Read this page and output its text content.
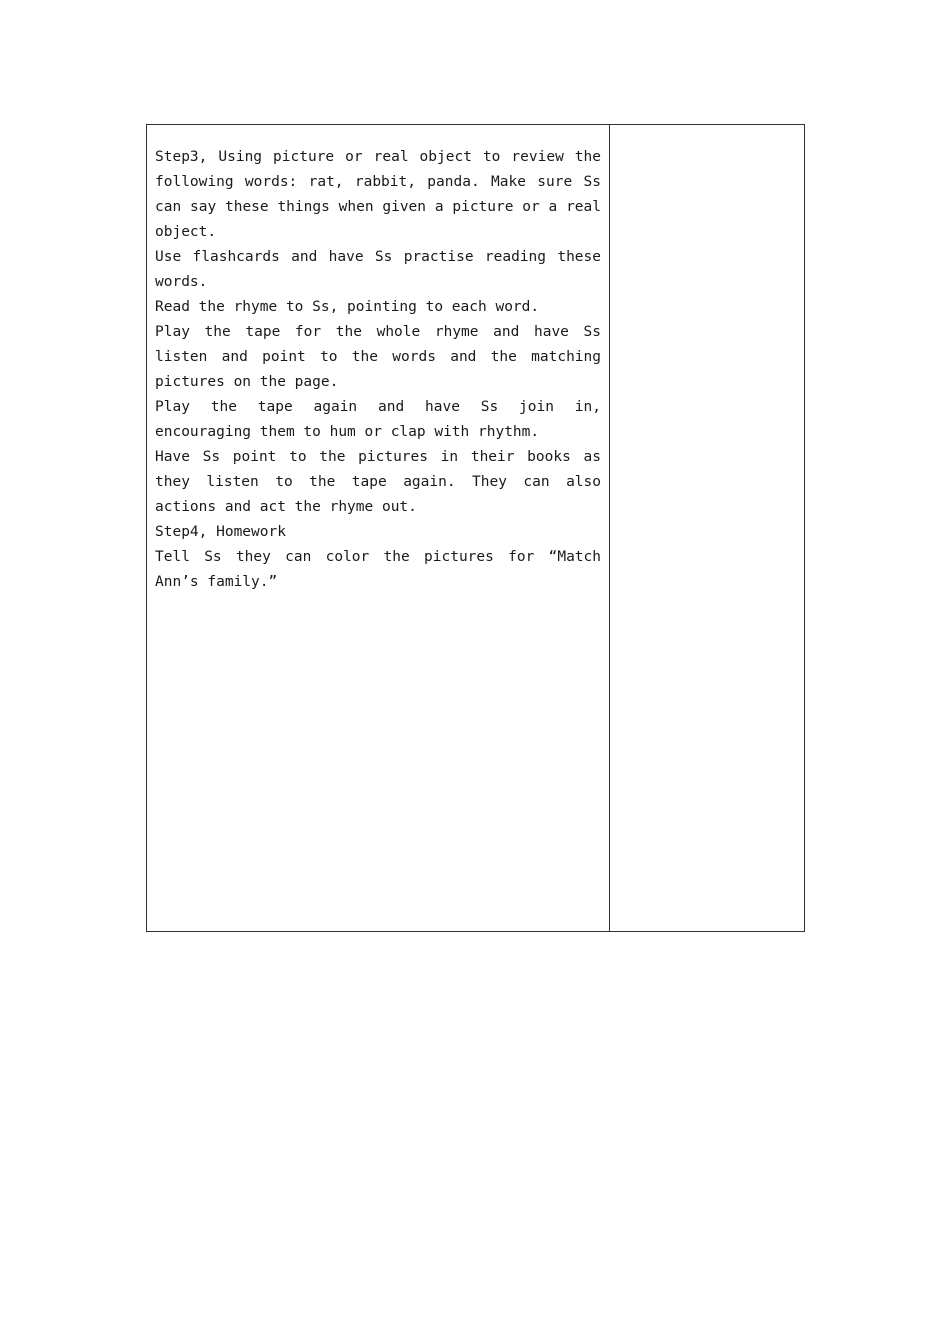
Step3, Using picture or real object to review the following words: rat, rabbit, panda. Make sure Ss can say these things when given a picture or a real object.

Use flashcards and have Ss practise reading these words.

Read the rhyme to Ss, pointing to each word.

Play the tape for the whole rhyme and have Ss listen and point to the words and the matching pictures on the page.

Play the tape again and have Ss join in, encouraging them to hum or clap with rhythm.

Have Ss point to the pictures in their books as they listen to the tape again. They can also actions and act the rhyme out.

Step4, Homework

Tell Ss they can color the pictures for “Match Ann’s family.”
